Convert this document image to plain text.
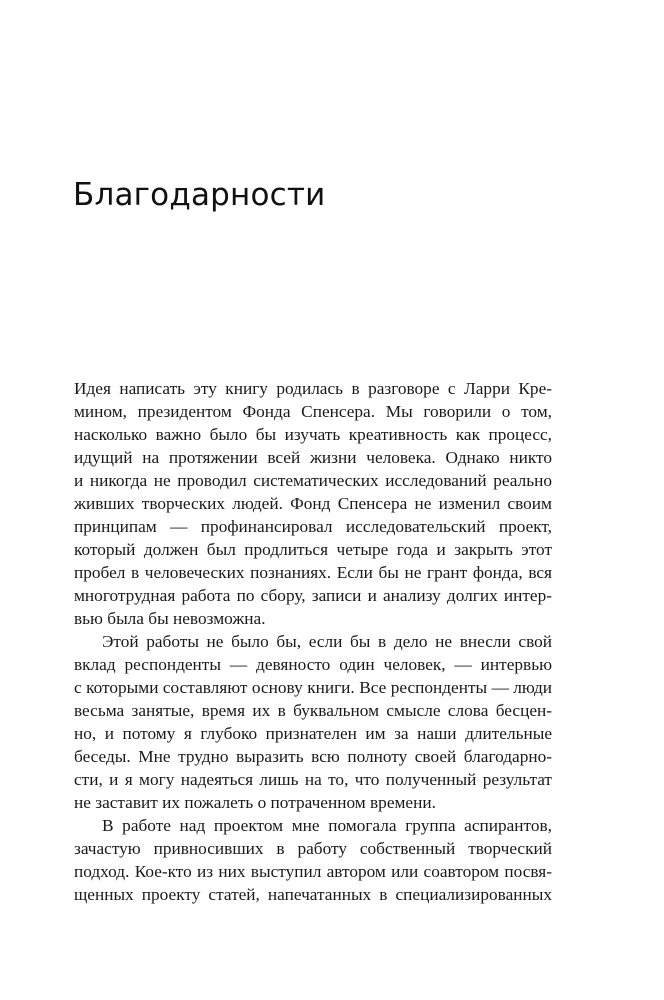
Благодарности
Идея написать эту книгу родилась в разговоре с Ларри Кре-
мином, президентом Фонда Спенсера. Мы говорили о том,
насколько важно было бы изучать креативность как процесс,
идущий на протяжении всей жизни человека. Однако никто
и никогда не проводил систематических исследований реально
живших творческих людей. Фонд Спенсера не изменил своим
принципам — профинансировал исследовательский проект,
который должен был продлиться четыре года и закрыть этот
пробел в человеческих познаниях. Если бы не грант фонда, вся
многотрудная работа по сбору, записи и анализу долгих интер-
вью была бы невозможна.
Этой работы не было бы, если бы в дело не внесли свой
вклад респонденты — девяносто один человек, — интервью
с которыми составляют основу книги. Все респонденты — люди
весьма занятые, время их в буквальном смысле слова бесцен-
но, и потому я глубоко признателен им за наши длительные
беседы. Мне трудно выразить всю полноту своей благодарно-
сти, и я могу надеяться лишь на то, что полученный результат
не заставит их пожалеть о потраченном времени.
В работе над проектом мне помогала группа аспирантов,
зачастую привносивших в работу собственный творческий
подход. Кое-кто из них выступил автором или соавтором посвя-
щенных проекту статей, напечатанных в специализированных
